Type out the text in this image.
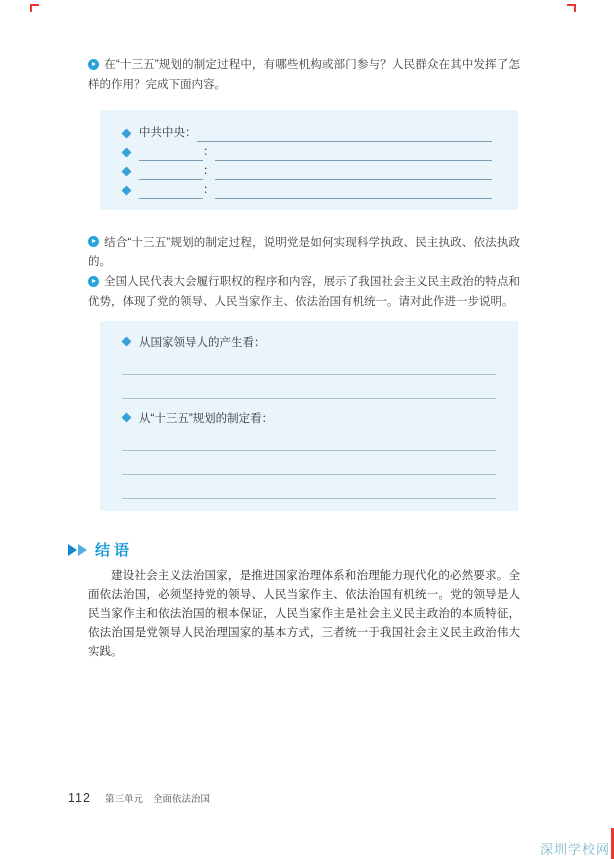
在“十三五”规划的制定过程中，有哪些机构或部门参与？人民群众在其中发挥了怎样的作用？完成下面内容。

中共中央 ：
：
：
：

结合“十三五”规划的制定过程，说明党是如何实现科学执政、民主执政、依法执政的。

全国人民代表大会履行职权的程序和内容，展示了我国社会主义民主政治的特点和优势，体现了党的领导、人民当家作主、依法治国有机统一。请对此作进一步说明。

从国家领导人的产生看：
从“十三五”规划的制定看：
结语

建设社会主义法治国家，是推进国家治理体系和治理能力现代化的必然要求。全面依法治国，必须坚持党的领导、人民当家作主、依法治国有机统一。党的领导是人民当家作主和依法治国的根本保证，人民当家作主是社会主义民主政治的本质特征，依法治国是党领导人民治理国家的基本方式，三者统一于我国社会主义民主政治伟大实践。

112 第三单元 全面依法治国
深圳学校网
